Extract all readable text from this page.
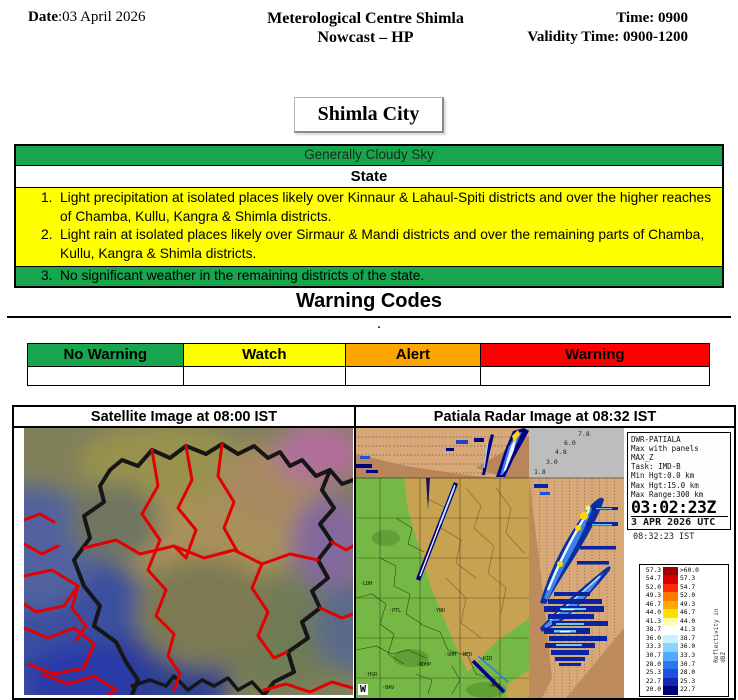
Date:03 April 2026	Meterological Centre Shimla
Nowcast – HP
Time: 0900
Validity Time: 0900-1200
Shimla City
Generally Cloudy Sky
State
1. Light precipitation at isolated places likely over Kinnaur & Lahaul-Spiti districts and over the higher reaches of Chamba, Kullu, Kangra & Shimla districts.
2. Light rain at isolated places likely over Sirmaur & Mandi districts and over the remaining parts of Chamba, Kullu, Kangra & Shimla districts.
3. No significant weather in the remaining districts of the state.
Warning Codes
.
No Warning	Watch	Alert	Warning
Satellite Image at 08:00 IST	Patiala Radar Image at 08:32 IST
DWR-PATIALA
Max with panels
MAX_Z
Task: IMD-B
Min Hgt:0.0 km
Max Hgt:15.0 km
Max Range:300 km
03:02:23Z
3 APR 2026 UTC
08:32:23 IST
7.8
6.0
4.8
3.0
1.8
·LDH
·PTL	·YND
·SHM ·MFD
·KIR
·NDHP
·HSR
·BAV	·AMH
W
57.3	>60.0
54.7	57.3
52.0	54.7
49.3	52.0
46.7	49.3
44.0	46.7
41.3	44.0
38.7	41.3
36.0	38.7
33.3	36.0
30.7	33.3
28.0	30.7
25.3	28.0
22.7	25.3
20.0	22.7
Reflectivity in dBZ
